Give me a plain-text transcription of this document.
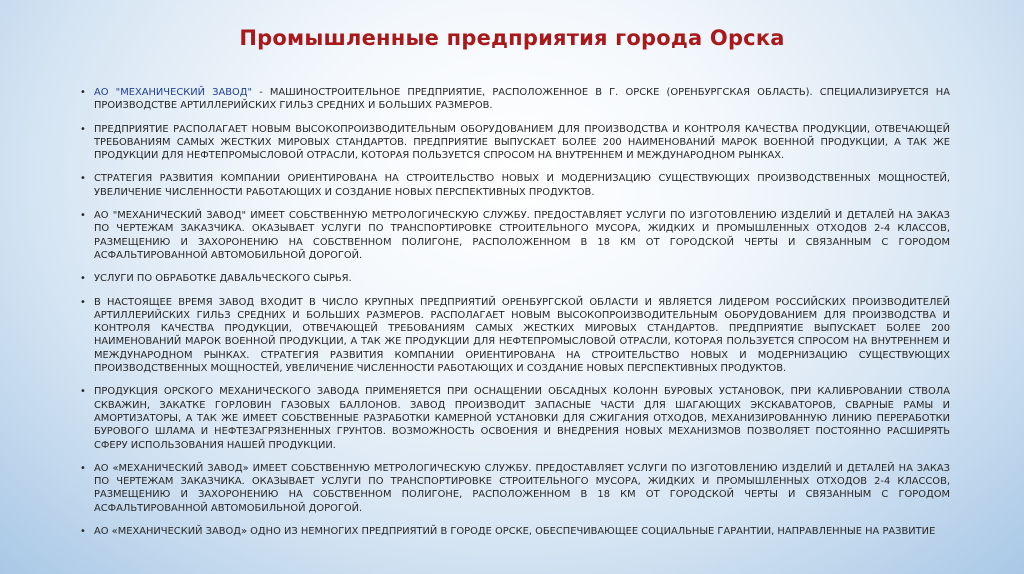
Промышленные предприятия города Орска
• АО "МЕХАНИЧЕСКИЙ ЗАВОД" - МАШИНОСТРОИТЕЛЬНОЕ ПРЕДПРИЯТИЕ, РАСПОЛОЖЕННОЕ В Г. ОРСКЕ (ОРЕНБУРГСКАЯ ОБЛАСТЬ). СПЕЦИАЛИЗИРУЕТСЯ НА ПРОИЗВОДСТВЕ АРТИЛЛЕРИЙСКИХ ГИЛЬЗ СРЕДНИХ И БОЛЬШИХ РАЗМЕРОВ.
• ПРЕДПРИЯТИЕ РАСПОЛАГАЕТ НОВЫМ ВЫСОКОПРОИЗВОДИТЕЛЬНЫМ ОБОРУДОВАНИЕМ ДЛЯ ПРОИЗВОДСТВА И КОНТРОЛЯ КАЧЕСТВА ПРОДУКЦИИ, ОТВЕЧАЮЩЕЙ ТРЕБОВАНИЯМ САМЫХ ЖЕСТКИХ МИРОВЫХ СТАНДАРТОВ. ПРЕДПРИЯТИЕ ВЫПУСКАЕТ БОЛЕЕ 200 НАИМЕНОВАНИЙ МАРОК ВОЕННОЙ ПРОДУКЦИИ, А ТАК ЖЕ ПРОДУКЦИИ ДЛЯ НЕФТЕПРОМЫСЛОВОЙ ОТРАСЛИ, КОТОРАЯ ПОЛЬЗУЕТСЯ СПРОСОМ НА ВНУТРЕННЕМ И МЕЖДУНАРОДНОМ РЫНКАХ.
• СТРАТЕГИЯ РАЗВИТИЯ КОМПАНИИ ОРИЕНТИРОВАНА НА СТРОИТЕЛЬСТВО НОВЫХ И МОДЕРНИЗАЦИЮ СУЩЕСТВУЮЩИХ ПРОИЗВОДСТВЕННЫХ МОЩНОСТЕЙ, УВЕЛИЧЕНИЕ ЧИСЛЕННОСТИ РАБОТАЮЩИХ И СОЗДАНИЕ НОВЫХ ПЕРСПЕКТИВНЫХ ПРОДУКТОВ.
• АО "МЕХАНИЧЕСКИЙ ЗАВОД" ИМЕЕТ СОБСТВЕННУЮ МЕТРОЛОГИЧЕСКУЮ СЛУЖБУ. ПРЕДОСТАВЛЯЕТ УСЛУГИ ПО ИЗГОТОВЛЕНИЮ ИЗДЕЛИЙ И ДЕТАЛЕЙ НА ЗАКАЗ ПО ЧЕРТЕЖАМ ЗАКАЗЧИКА. ОКАЗЫВАЕТ УСЛУГИ ПО ТРАНСПОРТИРОВКЕ СТРОИТЕЛЬНОГО МУСОРА, ЖИДКИХ И ПРОМЫШЛЕННЫХ ОТХОДОВ 2-4 КЛАССОВ, РАЗМЕЩЕНИЮ И ЗАХОРОНЕНИЮ НА СОБСТВЕННОМ ПОЛИГОНЕ, РАСПОЛОЖЕННОМ В 18 КМ ОТ ГОРОДСКОЙ ЧЕРТЫ И СВЯЗАННЫМ С ГОРОДОМ АСФАЛЬТИРОВАННОЙ АВТОМОБИЛЬНОЙ ДОРОГОЙ.
• УСЛУГИ ПО ОБРАБОТКЕ ДАВАЛЬЧЕСКОГО СЫРЬЯ.
• В НАСТОЯЩЕЕ ВРЕМЯ ЗАВОД ВХОДИТ В ЧИСЛО КРУПНЫХ ПРЕДПРИЯТИЙ ОРЕНБУРГСКОЙ ОБЛАСТИ И ЯВЛЯЕТСЯ ЛИДЕРОМ РОССИЙСКИХ ПРОИЗВОДИТЕЛЕЙ АРТИЛЛЕРИЙСКИХ ГИЛЬЗ СРЕДНИХ И БОЛЬШИХ РАЗМЕРОВ. РАСПОЛАГАЕТ НОВЫМ ВЫСОКОПРОИЗВОДИТЕЛЬНЫМ ОБОРУДОВАНИЕМ ДЛЯ ПРОИЗВОДСТВА И КОНТРОЛЯ КАЧЕСТВА ПРОДУКЦИИ, ОТВЕЧАЮЩЕЙ ТРЕБОВАНИЯМ САМЫХ ЖЕСТКИХ МИРОВЫХ СТАНДАРТОВ. ПРЕДПРИЯТИЕ ВЫПУСКАЕТ БОЛЕЕ 200 НАИМЕНОВАНИЙ МАРОК ВОЕННОЙ ПРОДУКЦИИ, А ТАК ЖЕ ПРОДУКЦИИ ДЛЯ НЕФТЕПРОМЫСЛОВОЙ ОТРАСЛИ, КОТОРАЯ ПОЛЬЗУЕТСЯ СПРОСОМ НА ВНУТРЕННЕМ И МЕЖДУНАРОДНОМ РЫНКАХ. СТРАТЕГИЯ РАЗВИТИЯ КОМПАНИИ ОРИЕНТИРОВАНА НА СТРОИТЕЛЬСТВО НОВЫХ И МОДЕРНИЗАЦИЮ СУЩЕСТВУЮЩИХ ПРОИЗВОДСТВЕННЫХ МОЩНОСТЕЙ, УВЕЛИЧЕНИЕ ЧИСЛЕННОСТИ РАБОТАЮЩИХ И СОЗДАНИЕ НОВЫХ ПЕРСПЕКТИВНЫХ ПРОДУКТОВ.
• ПРОДУКЦИЯ ОРСКОГО МЕХАНИЧЕСКОГО ЗАВОДА ПРИМЕНЯЕТСЯ ПРИ ОСНАЩЕНИИ ОБСАДНЫХ КОЛОНН БУРОВЫХ УСТАНОВОК, ПРИ КАЛИБРОВАНИИ СТВОЛА СКВАЖИН, ЗАКАТКЕ ГОРЛОВИН ГАЗОВЫХ БАЛЛОНОВ. ЗАВОД ПРОИЗВОДИТ ЗАПАСНЫЕ ЧАСТИ ДЛЯ ШАГАЮЩИХ ЭКСКАВАТОРОВ, СВАРНЫЕ РАМЫ И АМОРТИЗАТОРЫ, А ТАК ЖЕ ИМЕЕТ СОБСТВЕННЫЕ РАЗРАБОТКИ КАМЕРНОЙ УСТАНОВКИ ДЛЯ СЖИГАНИЯ ОТХОДОВ, МЕХАНИЗИРОВАННУЮ ЛИНИЮ ПЕРЕРАБОТКИ БУРОВОГО ШЛАМА И НЕФТЕЗАГРЯЗНЕННЫХ ГРУНТОВ. ВОЗМОЖНОСТЬ ОСВОЕНИЯ И ВНЕДРЕНИЯ НОВЫХ МЕХАНИЗМОВ ПОЗВОЛЯЕТ ПОСТОЯННО РАСШИРЯТЬ СФЕРУ ИСПОЛЬЗОВАНИЯ НАШЕЙ ПРОДУКЦИИ.
• АО «МЕХАНИЧЕСКИЙ ЗАВОД» ИМЕЕТ СОБСТВЕННУЮ МЕТРОЛОГИЧЕСКУЮ СЛУЖБУ. ПРЕДОСТАВЛЯЕТ УСЛУГИ ПО ИЗГОТОВЛЕНИЮ ИЗДЕЛИЙ И ДЕТАЛЕЙ НА ЗАКАЗ ПО ЧЕРТЕЖАМ ЗАКАЗЧИКА. ОКАЗЫВАЕТ УСЛУГИ ПО ТРАНСПОРТИРОВКЕ СТРОИТЕЛЬНОГО МУСОРА, ЖИДКИХ И ПРОМЫШЛЕННЫХ ОТХОДОВ 2-4 КЛАССОВ, РАЗМЕЩЕНИЮ И ЗАХОРОНЕНИЮ НА СОБСТВЕННОМ ПОЛИГОНЕ, РАСПОЛОЖЕННОМ В 18 КМ ОТ ГОРОДСКОЙ ЧЕРТЫ И СВЯЗАННЫМ С ГОРОДОМ АСФАЛЬТИРОВАННОЙ АВТОМОБИЛЬНОЙ ДОРОГОЙ.
• АО «МЕХАНИЧЕСКИЙ ЗАВОД» ОДНО ИЗ НЕМНОГИХ ПРЕДПРИЯТИЙ В ГОРОДЕ ОРСКЕ, ОБЕСПЕЧИВАЮЩЕЕ СОЦИАЛЬНЫЕ ГАРАНТИИ, НАПРАВЛЕННЫЕ НА РАЗВИТИЕ
